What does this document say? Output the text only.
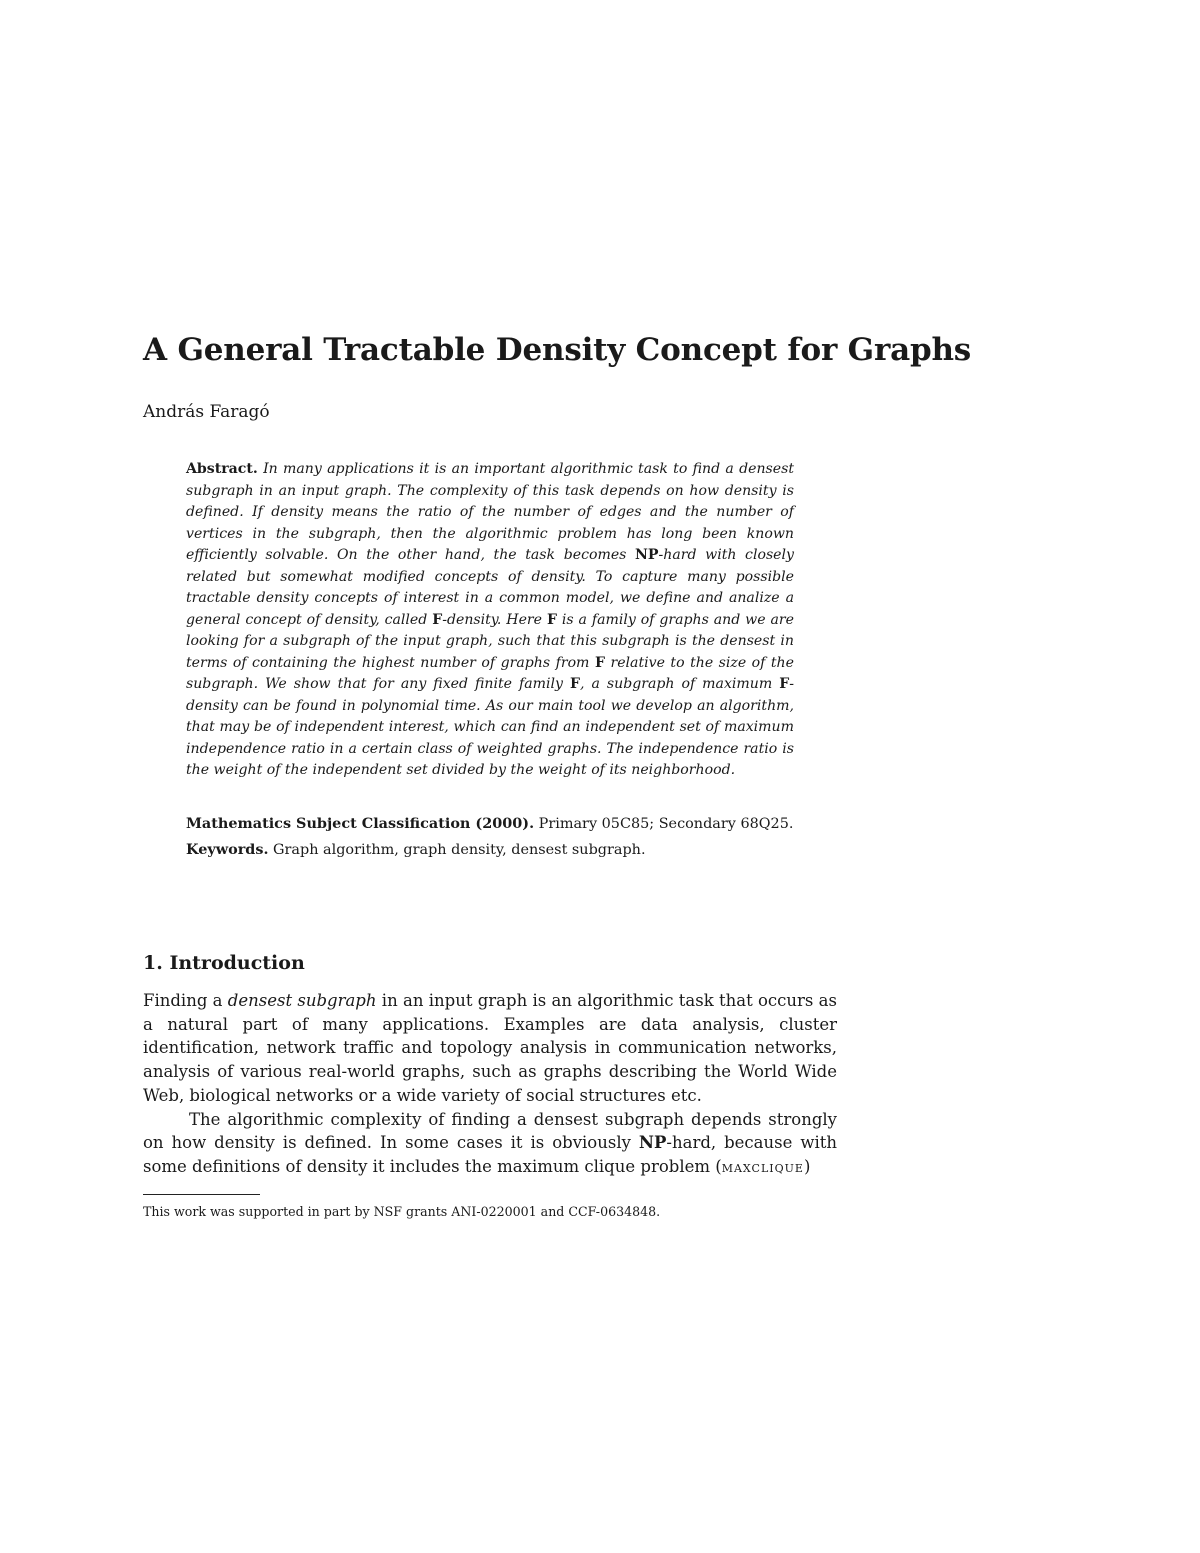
A General Tractable Density Concept for Graphs
András Faragó

Abstract. In many applications it is an important algorithmic task to find a densest subgraph in an input graph. The complexity of this task depends on how density is defined. If density means the ratio of the number of edges and the number of vertices in the subgraph, then the algorithmic problem has long been known efficiently solvable. On the other hand, the task becomes NP-hard with closely related but somewhat modified concepts of density. To capture many possible tractable density concepts of interest in a common model, we define and analize a general concept of density, called F-density. Here F is a family of graphs and we are looking for a subgraph of the input graph, such that this subgraph is the densest in terms of containing the highest number of graphs from F relative to the size of the subgraph. We show that for any fixed finite family F, a subgraph of maximum F-density can be found in polynomial time. As our main tool we develop an algorithm, that may be of independent interest, which can find an independent set of maximum independence ratio in a certain class of weighted graphs. The independence ratio is the weight of the independent set divided by the weight of its neighborhood.

Mathematics Subject Classification (2000). Primary 05C85; Secondary 68Q25.
Keywords. Graph algorithm, graph density, densest subgraph.
1. Introduction

Finding a densest subgraph in an input graph is an algorithmic task that occurs as a natural part of many applications. Examples are data analysis, cluster identification, network traffic and topology analysis in communication networks, analysis of various real-world graphs, such as graphs describing the World Wide Web, biological networks or a wide variety of social structures etc.

The algorithmic complexity of finding a densest subgraph depends strongly on how density is defined. In some cases it is obviously NP-hard, because with some definitions of density it includes the maximum clique problem (maxclique)

This work was supported in part by NSF grants ANI-0220001 and CCF-0634848.
